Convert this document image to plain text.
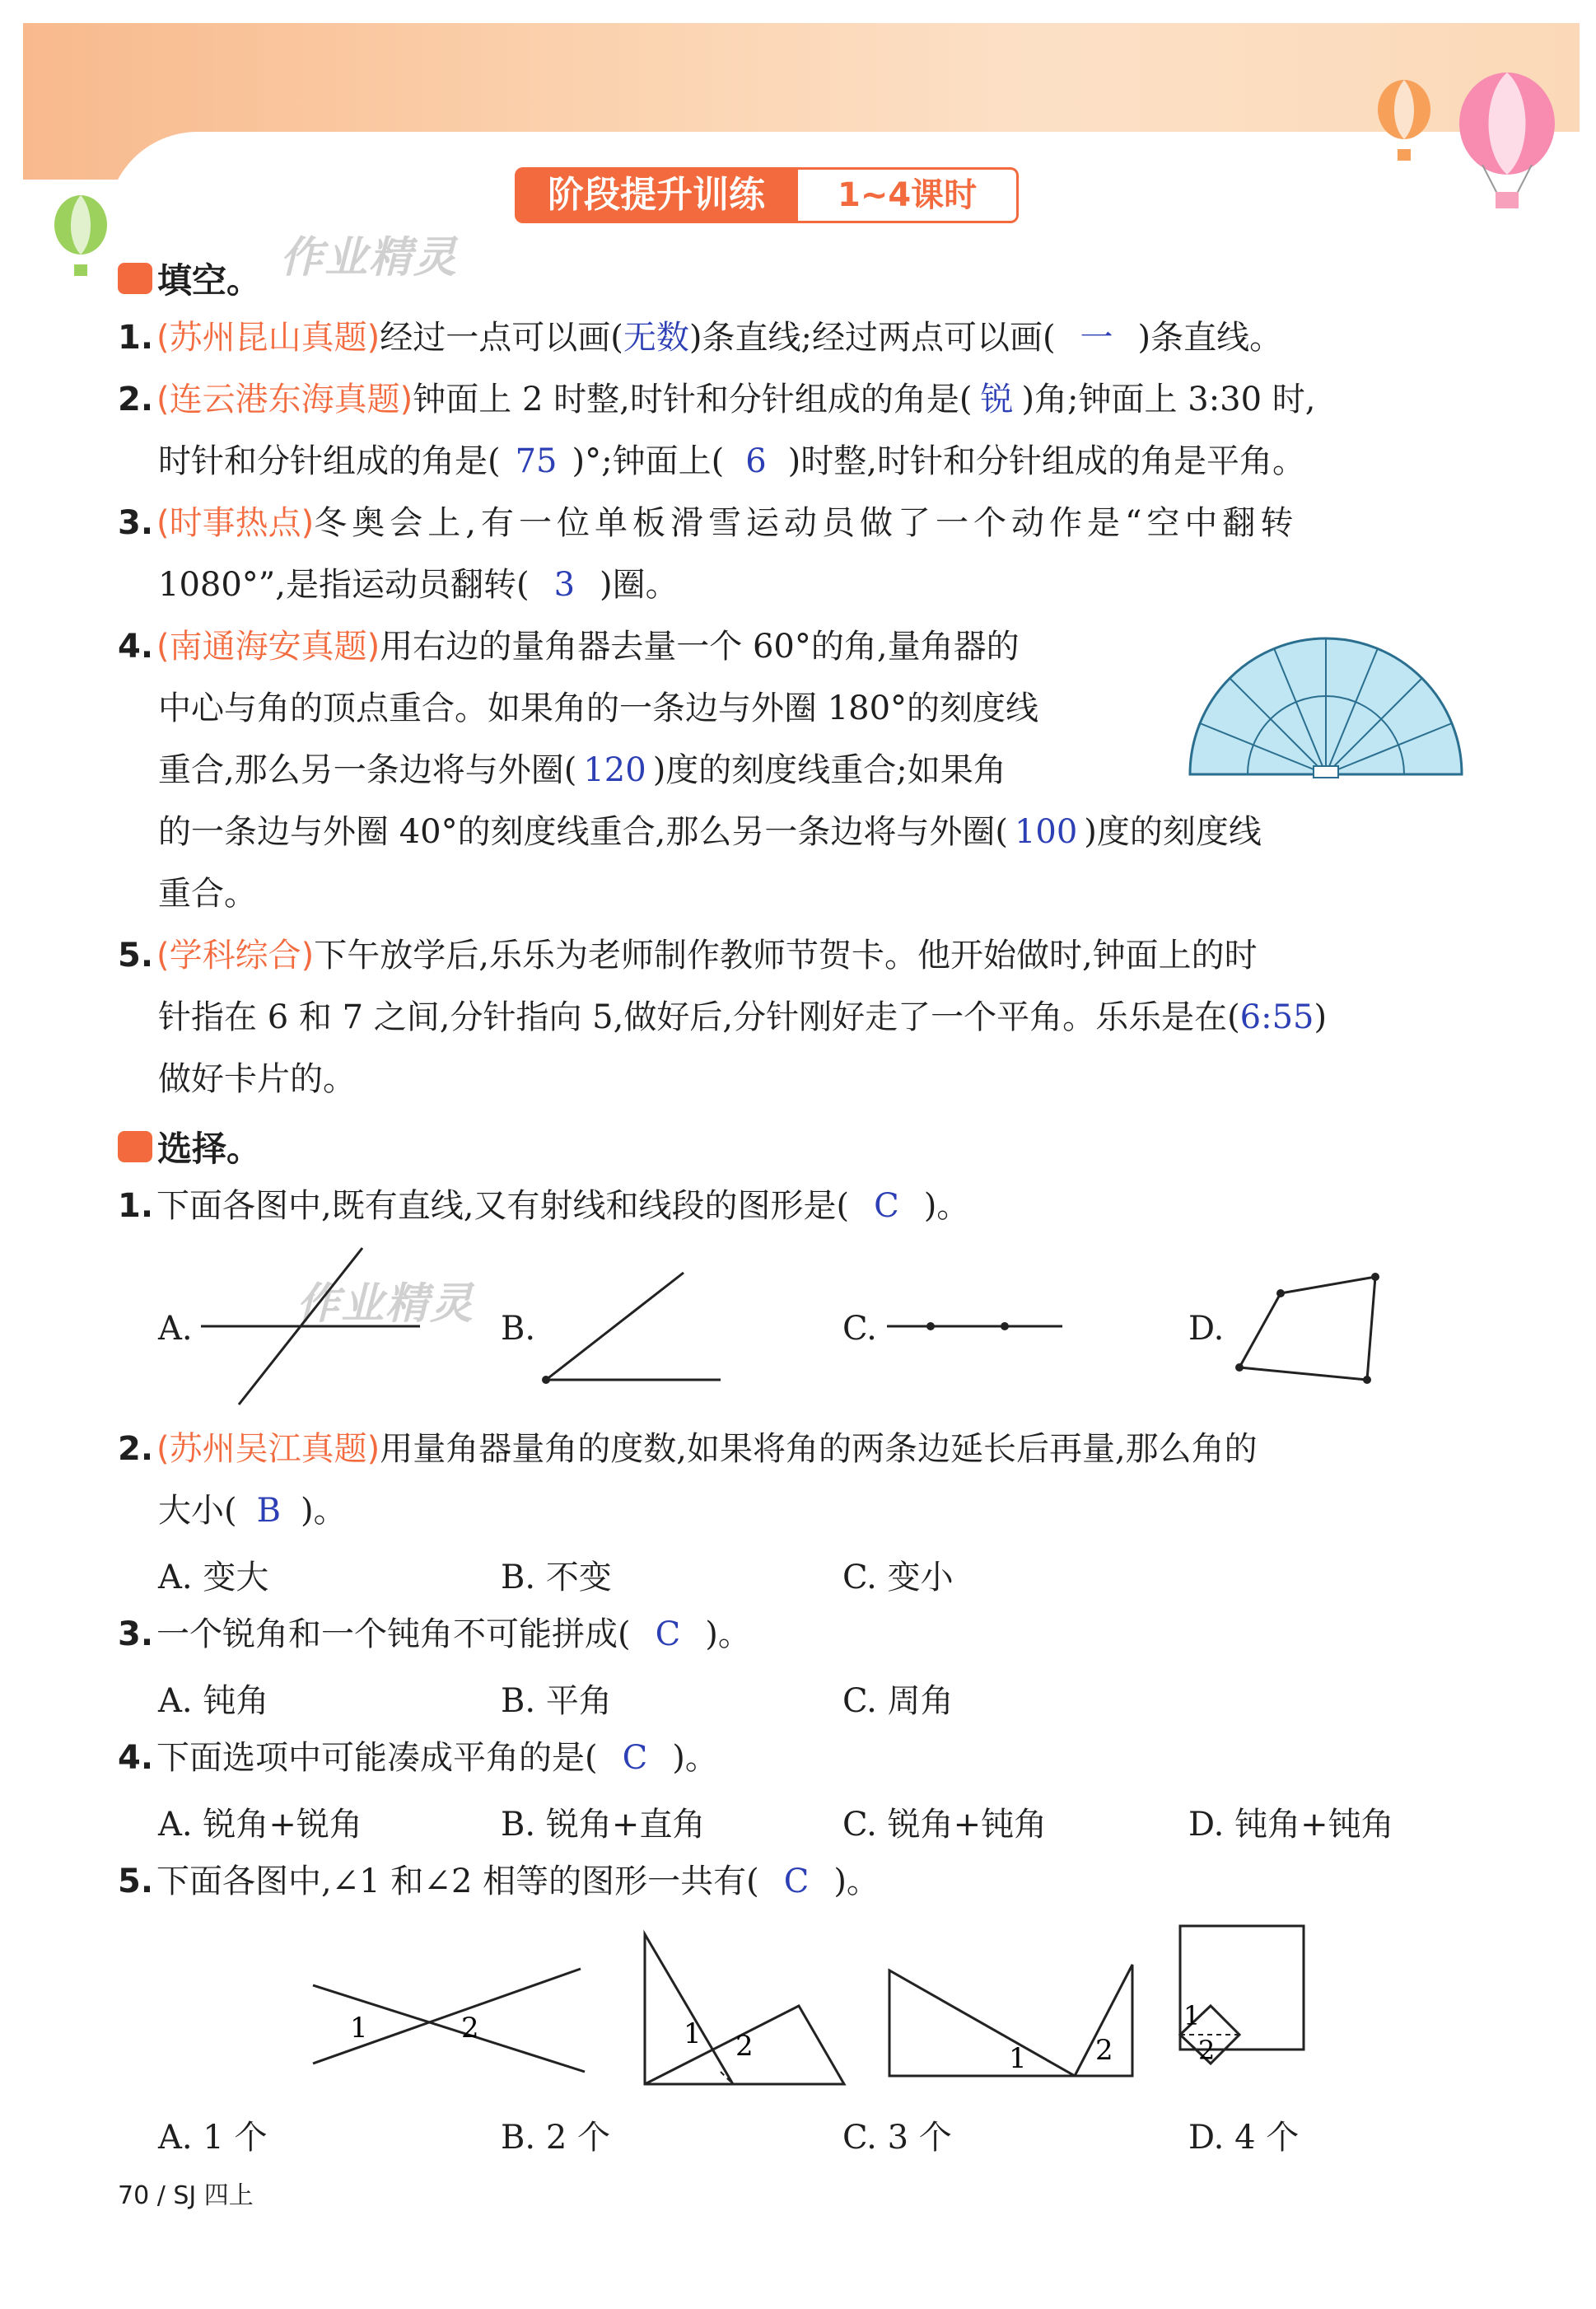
阶段提升训练	1~4课时
作业精灵
作业精灵
填空。
1. (苏州昆山真题)经过一点可以画(无数)条直线;经过两点可以画( 一 )条直线。
2. (连云港东海真题)钟面上 2 时整,时针和分针组成的角是( 锐 )角;钟面上 3:30 时,
时针和分针组成的角是( 75 )°;钟面上( 6 )时整,时针和分针组成的角是平角。
3. (时事热点)冬奥会上,有一位单板滑雪运动员做了一个动作是“空中翻转
1080°”,是指运动员翻转( 3 )圈。
4. (南通海安真题)用右边的量角器去量一个 60°的角,量角器的
中心与角的顶点重合。如果角的一条边与外圈 180°的刻度线
重合,那么另一条边将与外圈( 120 )度的刻度线重合;如果角
的一条边与外圈 40°的刻度线重合,那么另一条边将与外圈( 100 )度的刻度线
重合。
5. (学科综合)下午放学后,乐乐为老师制作教师节贺卡。他开始做时,钟面上的时
针指在 6 和 7 之间,分针指向 5,做好后,分针刚好走了一个平角。乐乐是在(6:55)
做好卡片的。
选择。
1. 下面各图中,既有直线,又有射线和线段的图形是( C )。
A.	B.	C.	D.
2. (苏州吴江真题)用量角器量角的度数,如果将角的两条边延长后再量,那么角的
大小( B )。
A. 变大	B. 不变	C. 变小
3. 一个锐角和一个钝角不可能拼成( C )。
A. 钝角	B. 平角	C. 周角
4. 下面选项中可能凑成平角的是( C )。
A. 锐角+锐角	B. 锐角+直角	C. 锐角+钝角	D. 钝角+钝角
5. 下面各图中,∠1 和∠2 相等的图形一共有( C )。
1	2	1 2	1 2
1
2
A. 1 个	B. 2 个	C. 3 个	D. 4 个
70 / SJ 四上
